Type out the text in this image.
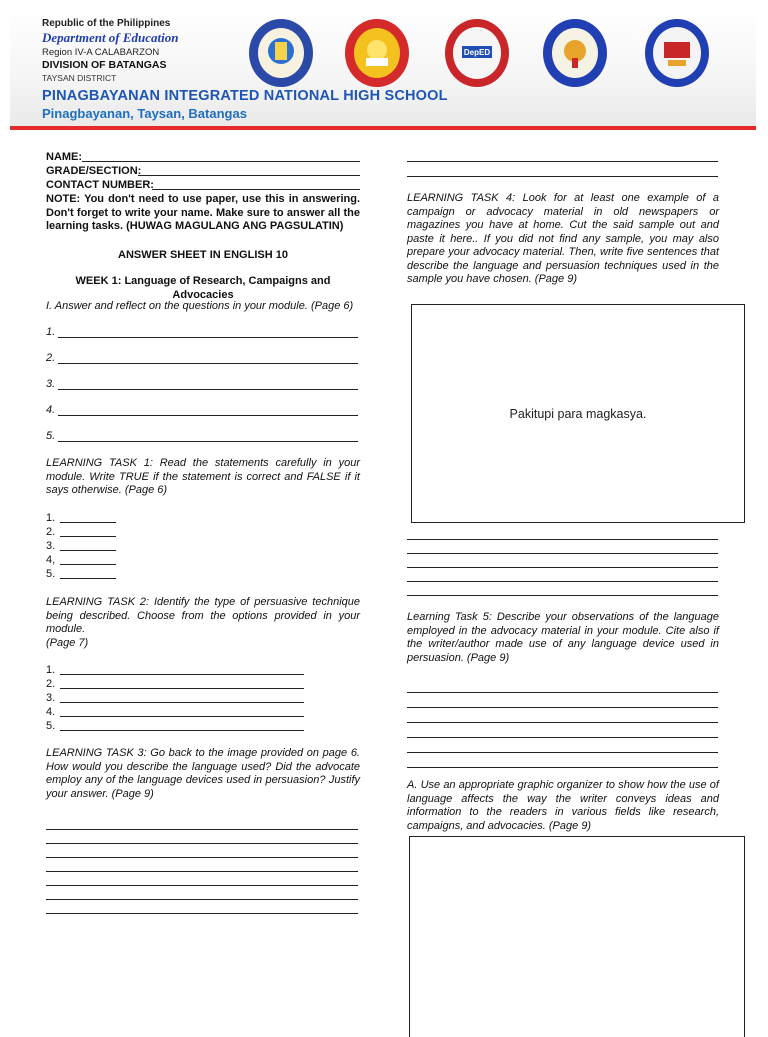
Republic of the Philippines

Department of Education

Region IV-A CALABARZON

DIVISION OF BATANGAS

TAYSAN DISTRICT

PINAGBAYANAN INTEGRATED NATIONAL HIGH SCHOOL

Pinagbayanan, Taysan, Batangas

DepED
NAME:
GRADE/SECTION:
CONTACT NUMBER:

NOTE: You don't need to use paper, use this in answering. Don't forget to write your name. Make sure to answer all the learning tasks. (HUWAG MAGULANG ANG PAGSULATIN)

ANSWER SHEET IN ENGLISH 10

WEEK 1: Language of Research, Campaigns and Advocacies

I. Answer and reflect on the questions in your module. (Page 6)

1.
2.
3.
4.
5.

LEARNING TASK 1: Read the statements carefully in your module. Write TRUE if the statement is correct and FALSE if it says otherwise. (Page 6)

1.
2.
3.
4,
5.

LEARNING TASK 2: Identify the type of persuasive technique being described. Choose from the options provided in your module.

(Page 7)

1.
2.
3.
4.
5.

LEARNING TASK 3: Go back to the image provided on page 6. How would you describe the language used? Did the advocate employ any of the language devices used in persuasion? Justify your answer. (Page 9)

LEARNING TASK 4: Look for at least one example of a campaign or advocacy material in old newspapers or magazines you have at home. Cut the said sample out and paste it here.. If you did not find any sample, you may also prepare your advocacy material. Then, write five sentences that describe the language and persuasion techniques used in the sample you have chosen. (Page 9)

Pakitupi para magkasya.

Learning Task 5: Describe your observations of the language employed in the advocacy material in your module. Cite also if the writer/author made use of any language device used in persuasion. (Page 9)

A. Use an appropriate graphic organizer to show how the use of language affects the way the writer conveys ideas and information to the readers in various fields like research, campaigns, and advocacies. (Page 9)
